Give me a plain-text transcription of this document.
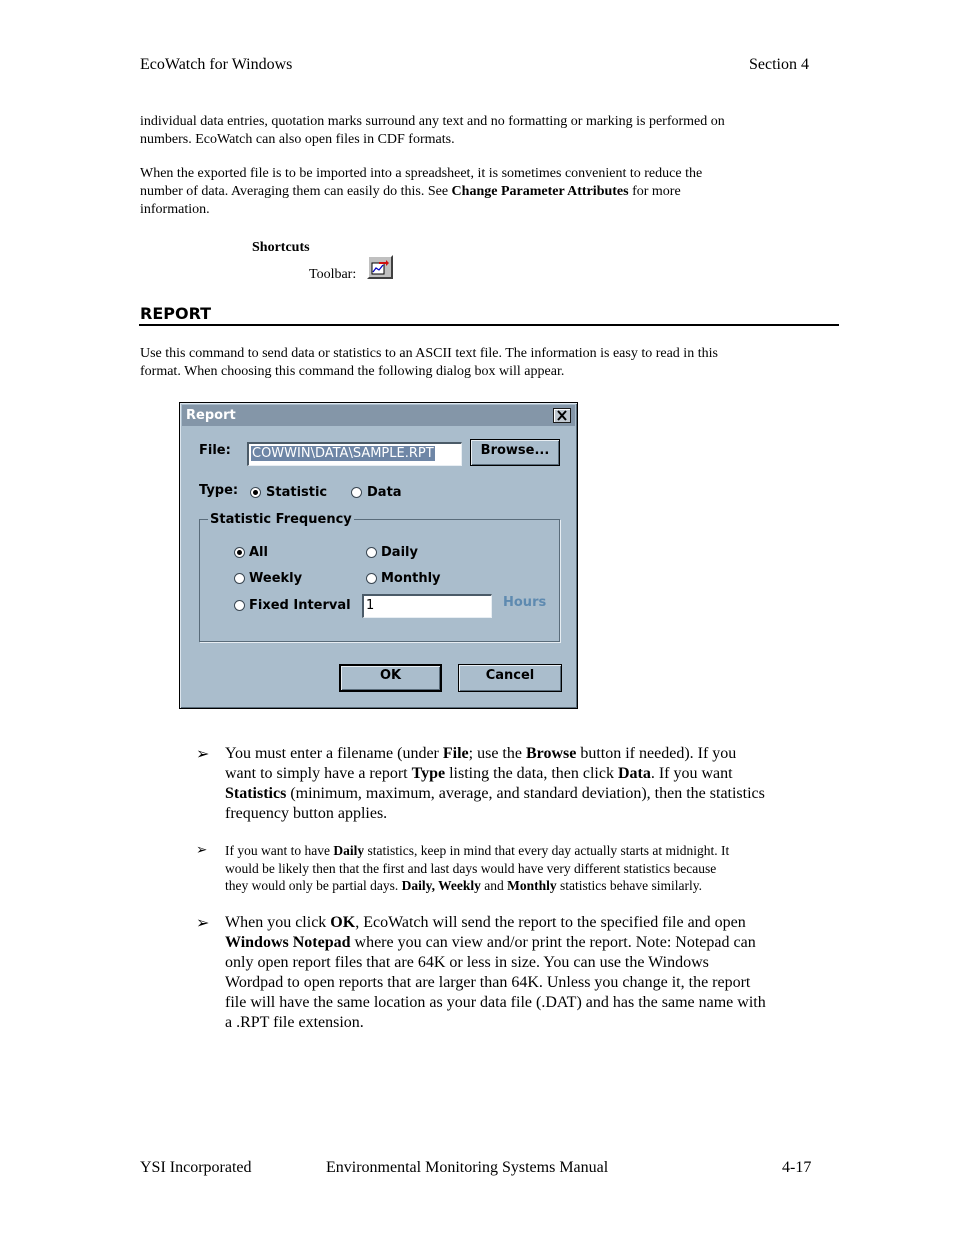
EcoWatch for Windows	Section 4
individual data entries, quotation marks surround any text and no formatting or marking is performed on
numbers. EcoWatch can also open files in CDF formats.
When the exported file is to be imported into a spreadsheet, it is sometimes convenient to reduce the
number of data. Averaging them can easily do this. See Change Parameter Attributes for more
information.
Shortcuts
Toolbar:
REPORT
Use this command to send data or statistics to an ASCII text file. The information is easy to read in this
format. When choosing this command the following dialog box will appear.
Report
File:	COWWIN\DATA\SAMPLE.RPT	Browse...
Type: Statistic	Data
Statistic Frequency
All	Daily
Weekly	Monthly
Fixed Interval	1	Hours
OK	Cancel
➢ You must enter a filename (under File; use the Browse button if needed). If you
want to simply have a report Type listing the data, then click Data. If you want
Statistics (minimum, maximum, average, and standard deviation), then the statistics
frequency button applies.
➢ If you want to have Daily statistics, keep in mind that every day actually starts at midnight. It
would be likely then that the first and last days would have very different statistics because
they would only be partial days. Daily, Weekly and Monthly statistics behave similarly.
➢ When you click OK, EcoWatch will send the report to the specified file and open
Windows Notepad where you can view and/or print the report. Note: Notepad can
only open report files that are 64K or less in size. You can use the Windows
Wordpad to open reports that are larger than 64K. Unless you change it, the report
file will have the same location as your data file (.DAT) and has the same name with
a .RPT file extension.
YSI Incorporated	Environmental Monitoring Systems Manual	4-17
